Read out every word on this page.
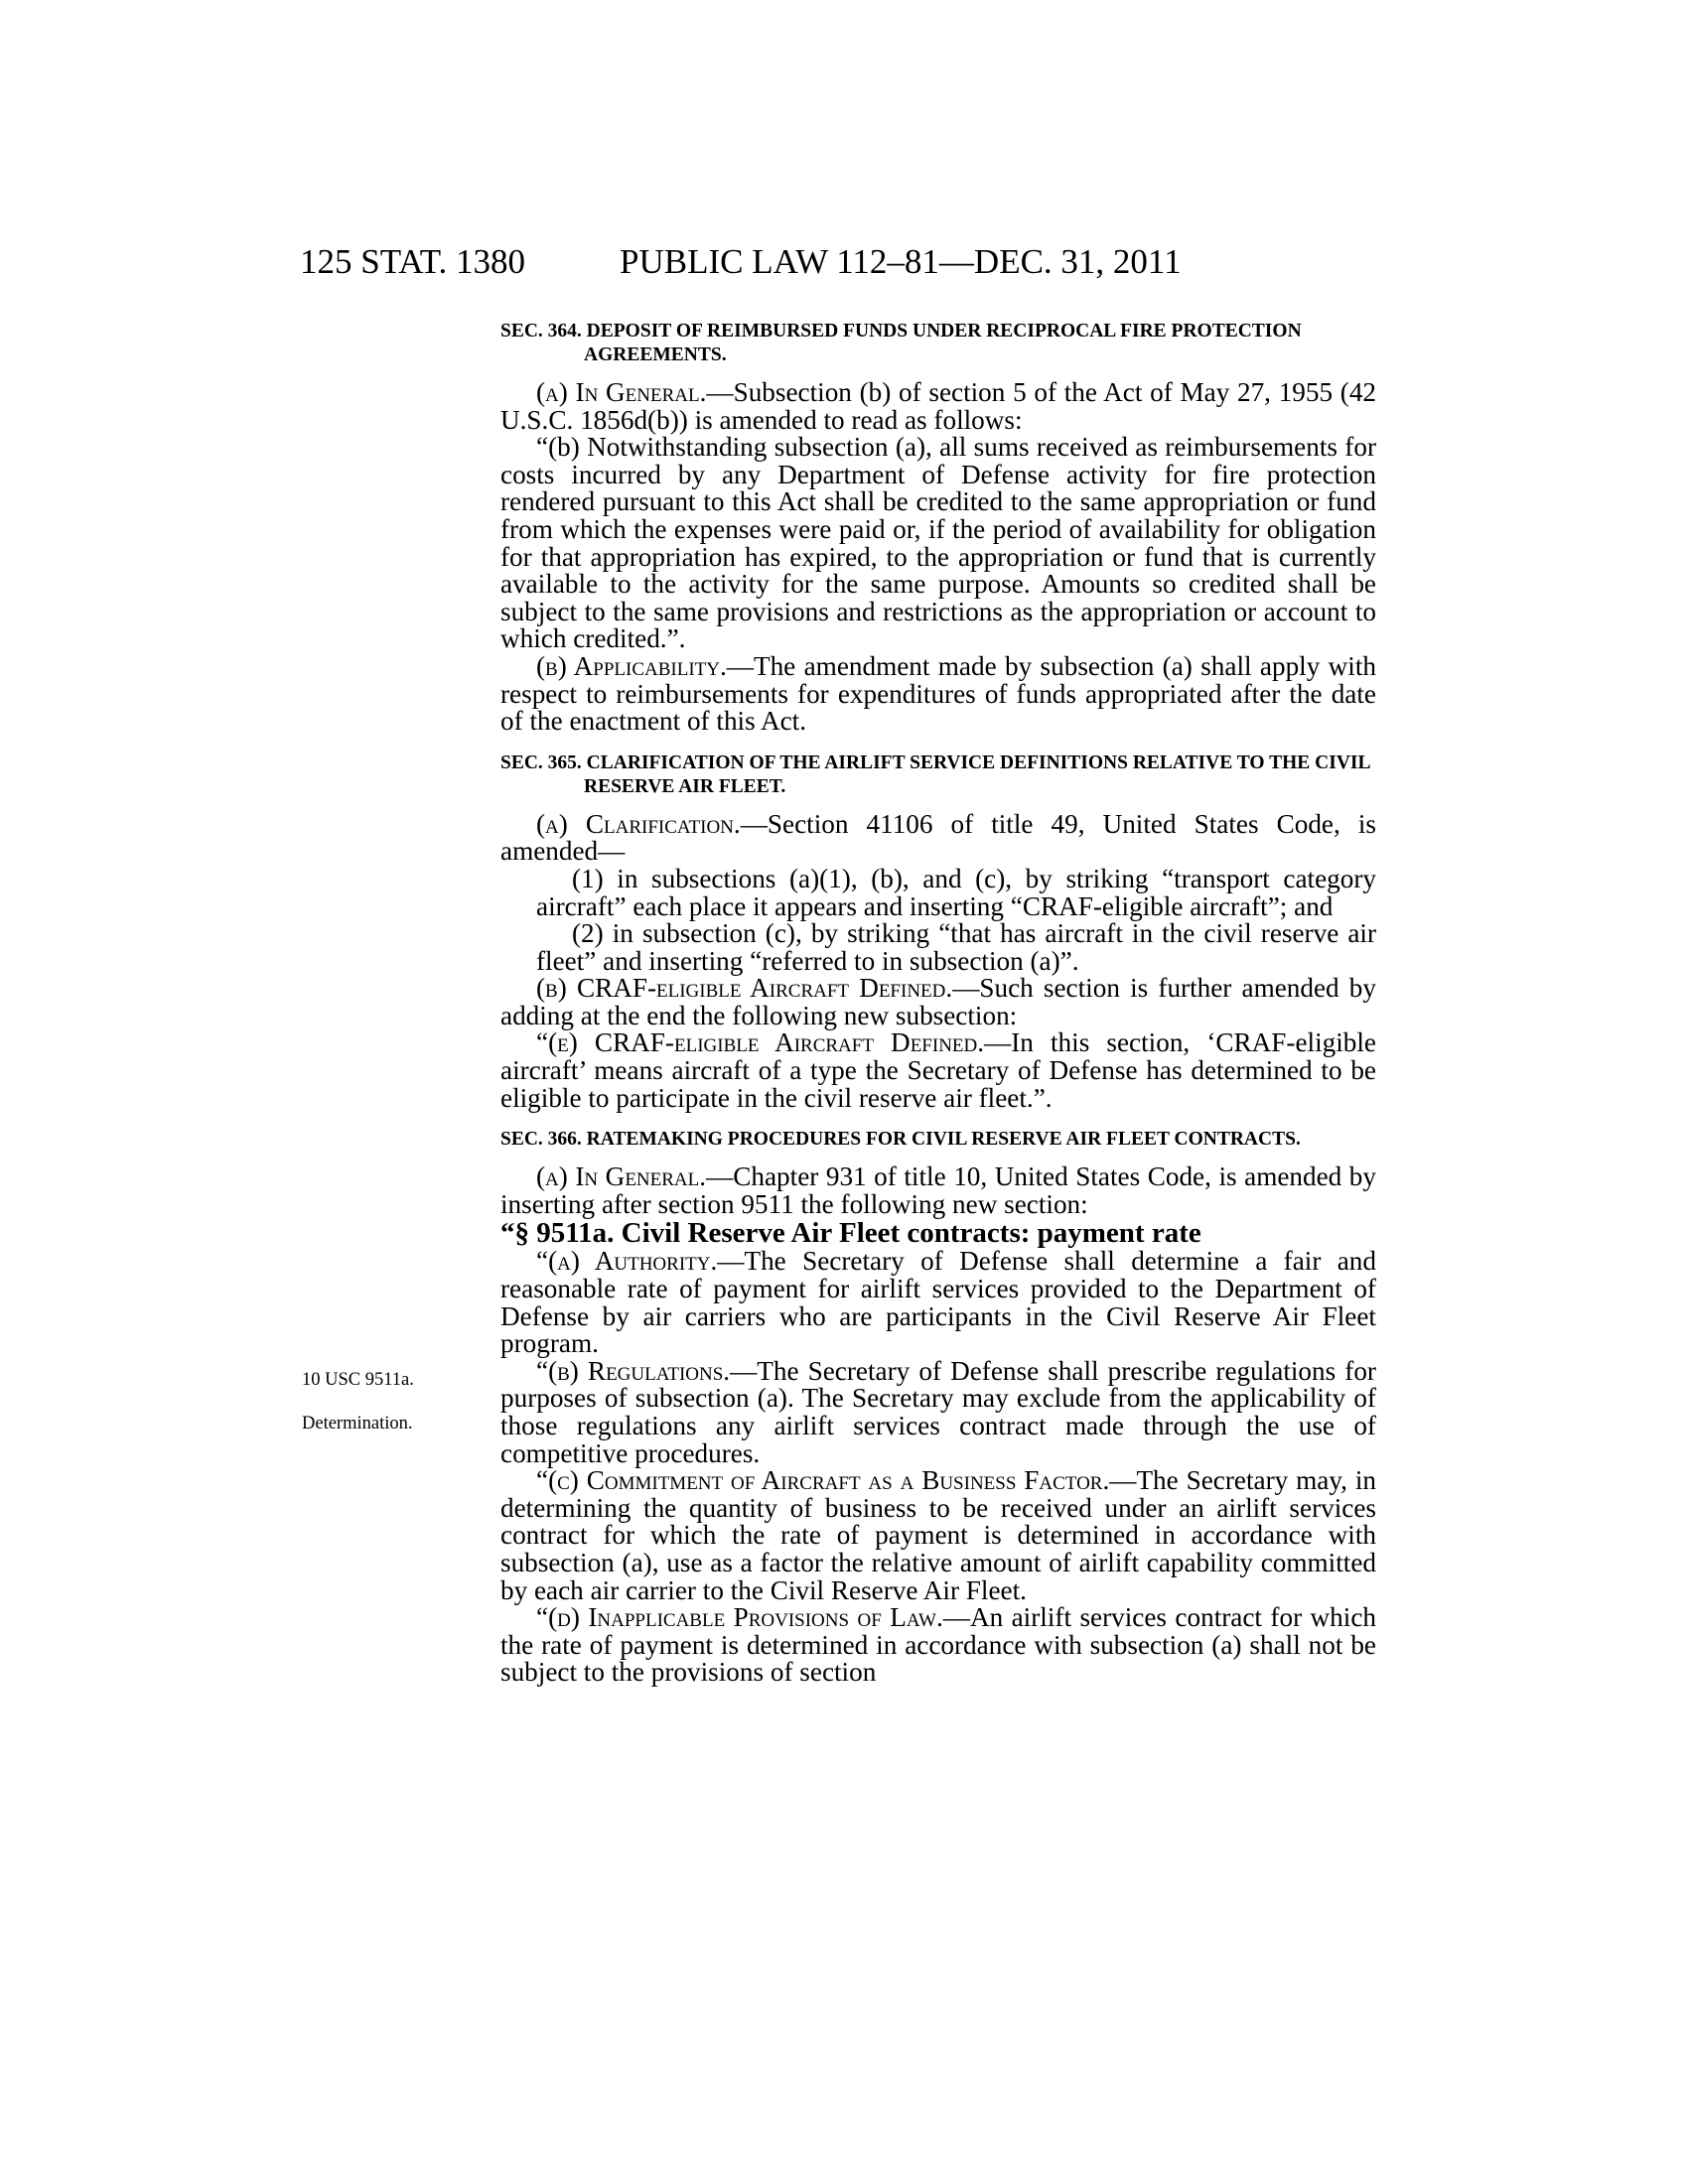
125 STAT. 1380	PUBLIC LAW 112–81—DEC. 31, 2011
10 USC 9511a.
Determination.
SEC. 364. DEPOSIT OF REIMBURSED FUNDS UNDER RECIPROCAL FIRE PROTECTION AGREEMENTS.

(a) In General.—Subsection (b) of section 5 of the Act of May 27, 1955 (42 U.S.C. 1856d(b)) is amended to read as follows:

“(b) Notwithstanding subsection (a), all sums received as reimbursements for costs incurred by any Department of Defense activity for fire protection rendered pursuant to this Act shall be credited to the same appropriation or fund from which the expenses were paid or, if the period of availability for obligation for that appropriation has expired, to the appropriation or fund that is currently available to the activity for the same purpose. Amounts so credited shall be subject to the same provisions and restrictions as the appropriation or account to which credited.”.

(b) Applicability.—The amendment made by subsection (a) shall apply with respect to reimbursements for expenditures of funds appropriated after the date of the enactment of this Act.

SEC. 365. CLARIFICATION OF THE AIRLIFT SERVICE DEFINITIONS RELATIVE TO THE CIVIL RESERVE AIR FLEET.

(a) Clarification.—Section 41106 of title 49, United States Code, is amended—

(1) in subsections (a)(1), (b), and (c), by striking “transport category aircraft” each place it appears and inserting “CRAF-eligible aircraft”; and

(2) in subsection (c), by striking “that has aircraft in the civil reserve air fleet” and inserting “referred to in subsection (a)”.

(b) CRAF-eligible Aircraft Defined.—Such section is further amended by adding at the end the following new subsection:

“(e) CRAF-eligible Aircraft Defined.—In this section, ‘CRAF-eligible aircraft’ means aircraft of a type the Secretary of Defense has determined to be eligible to participate in the civil reserve air fleet.”.

SEC. 366. RATEMAKING PROCEDURES FOR CIVIL RESERVE AIR FLEET CONTRACTS.

(a) In General.—Chapter 931 of title 10, United States Code, is amended by inserting after section 9511 the following new section:

“§ 9511a. Civil Reserve Air Fleet contracts: payment rate

“(a) Authority.—The Secretary of Defense shall determine a fair and reasonable rate of payment for airlift services provided to the Department of Defense by air carriers who are participants in the Civil Reserve Air Fleet program.

“(b) Regulations.—The Secretary of Defense shall prescribe regulations for purposes of subsection (a). The Secretary may exclude from the applicability of those regulations any airlift services contract made through the use of competitive procedures.

“(c) Commitment of Aircraft as a Business Factor.—The Secretary may, in determining the quantity of business to be received under an airlift services contract for which the rate of payment is determined in accordance with subsection (a), use as a factor the relative amount of airlift capability committed by each air carrier to the Civil Reserve Air Fleet.

“(d) Inapplicable Provisions of Law.—An airlift services contract for which the rate of payment is determined in accordance with subsection (a) shall not be subject to the provisions of section
